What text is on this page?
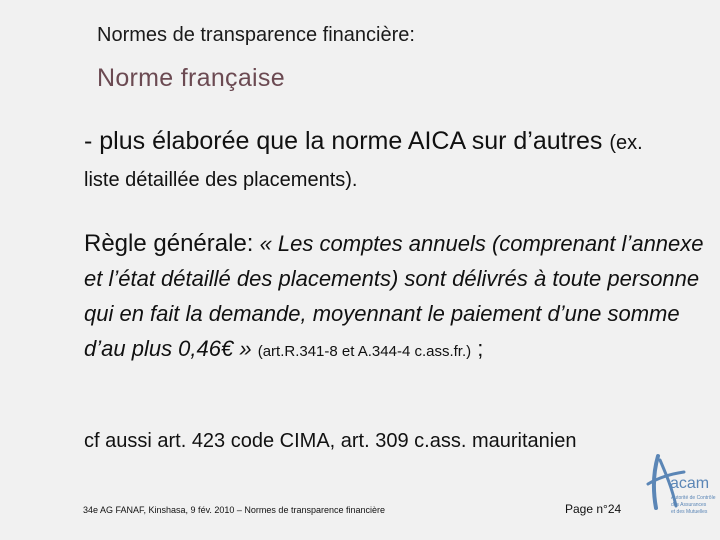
Normes de transparence financière:
Norme française
- plus élaborée que la norme AICA sur d’autres (ex. liste détaillée des placements).
Règle générale: « Les comptes annuels (comprenant l’annexe et l’état détaillé des placements) sont délivrés à toute personne qui en fait la demande, moyennant le paiement d’une somme d’au plus 0,46€ » (art.R.341-8 et A.344-4 c.ass.fr.) ;
cf aussi art. 423 code CIMA, art. 309 c.ass. mauritanien
34e AG FANAF, Kinshasa, 9 fév. 2010 – Normes de transparence financière	Page n°24
acam
Autorité de Contrôle
des Assurances
et des Mutuelles
